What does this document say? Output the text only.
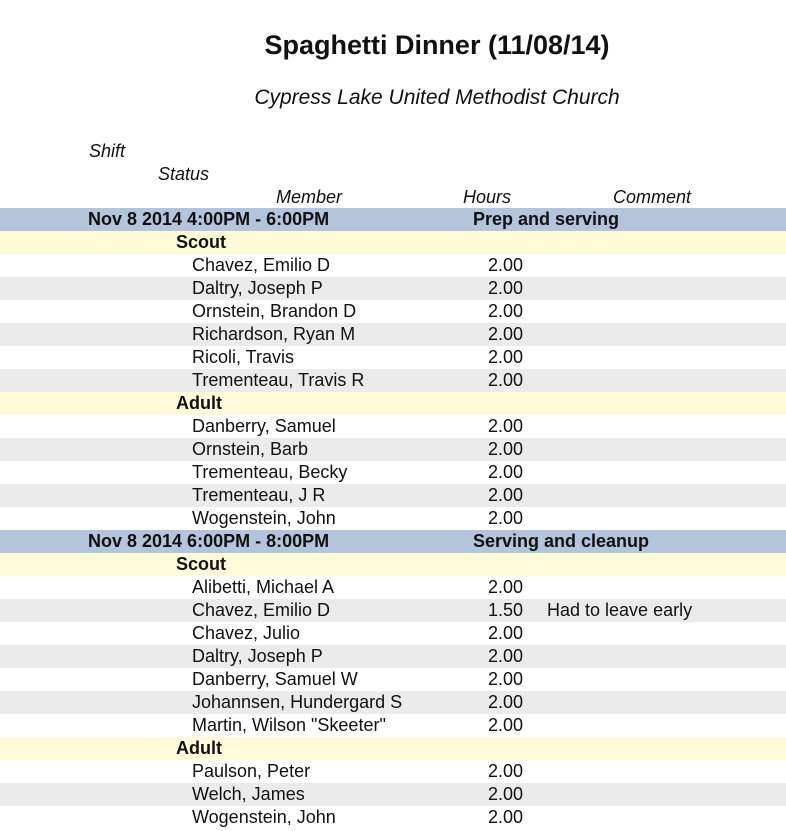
Spaghetti Dinner (11/08/14)
Cypress Lake United Methodist Church
Shift
Status
Member	Hours	Comment
Nov 8 2014 4:00PM - 6:00PM	Prep and serving
Scout
Chavez, Emilio D	2.00
Daltry, Joseph P	2.00
Ornstein, Brandon D	2.00
Richardson, Ryan M	2.00
Ricoli, Travis	2.00
Trementeau, Travis R	2.00
Adult
Danberry, Samuel	2.00
Ornstein, Barb	2.00
Trementeau, Becky	2.00
Trementeau, J R	2.00
Wogenstein, John	2.00
Nov 8 2014 6:00PM - 8:00PM	Serving and cleanup
Scout
Alibetti, Michael A	2.00
Chavez, Emilio D	1.50 Had to leave early
Chavez, Julio	2.00
Daltry, Joseph P	2.00
Danberry, Samuel W	2.00
Johannsen, Hundergard S	2.00
Martin, Wilson "Skeeter"	2.00
Adult
Paulson, Peter	2.00
Welch, James	2.00
Wogenstein, John	2.00
